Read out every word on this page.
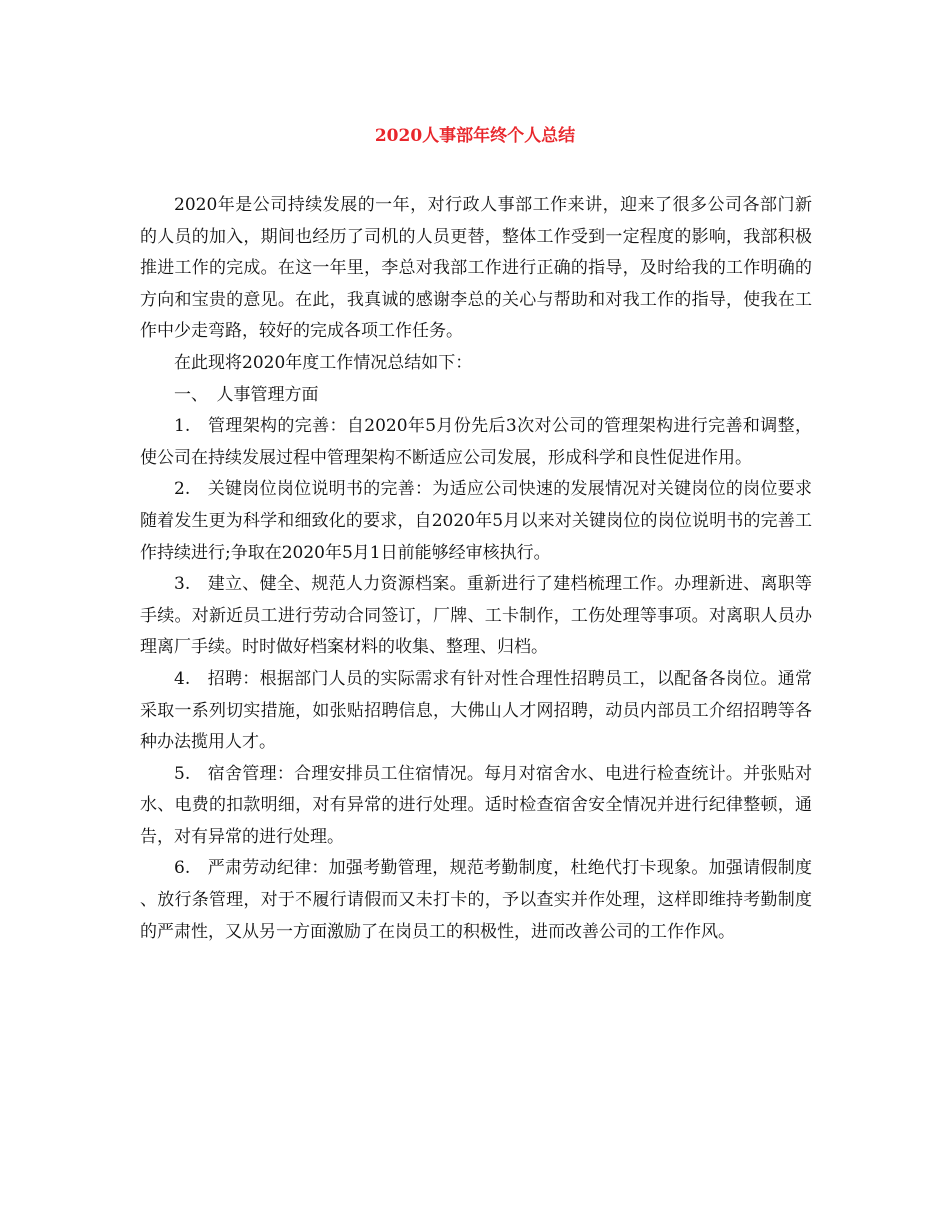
2020人事部年终个人总结

2020年是公司持续发展的一年，对行政人事部工作来讲，迎来了很多公司各部门新的人员的加入，期间也经历了司机的人员更替，整体工作受到一定程度的影响，我部积极推进工作的完成。在这一年里，李总对我部工作进行正确的指导，及时给我的工作明确的方向和宝贵的意见。在此，我真诚的感谢李总的关心与帮助和对我工作的指导，使我在工作中少走弯路，较好的完成各项工作任务。

在此现将2020年度工作情况总结如下：

一、　人事管理方面

1.　管理架构的完善：自2020年5月份先后3次对公司的管理架构进行完善和调整，使公司在持续发展过程中管理架构不断适应公司发展，形成科学和良性促进作用。

2.　关键岗位岗位说明书的完善：为适应公司快速的发展情况对关键岗位的岗位要求随着发生更为科学和细致化的要求，自2020年5月以来对关键岗位的岗位说明书的完善工作持续进行;争取在2020年5月1日前能够经审核执行。

3.　建立、健全、规范人力资源档案。重新进行了建档梳理工作。办理新进、离职等手续。对新近员工进行劳动合同签订，厂牌、工卡制作，工伤处理等事项。对离职人员办理离厂手续。时时做好档案材料的收集、整理、归档。

4.　招聘：根据部门人员的实际需求有针对性合理性招聘员工，以配备各岗位。通常采取一系列切实措施，如张贴招聘信息，大佛山人才网招聘，动员内部员工介绍招聘等各种办法揽用人才。

5.　宿舍管理：合理安排员工住宿情况。每月对宿舍水、电进行检查统计。并张贴对水、电费的扣款明细，对有异常的进行处理。适时检查宿舍安全情况并进行纪律整顿，通告，对有异常的进行处理。

6.　严肃劳动纪律：加强考勤管理，规范考勤制度，杜绝代打卡现象。加强请假制度、放行条管理，对于不履行请假而又未打卡的，予以查实并作处理，这样即维持考勤制度的严肃性，又从另一方面激励了在岗员工的积极性，进而改善公司的工作作风。
